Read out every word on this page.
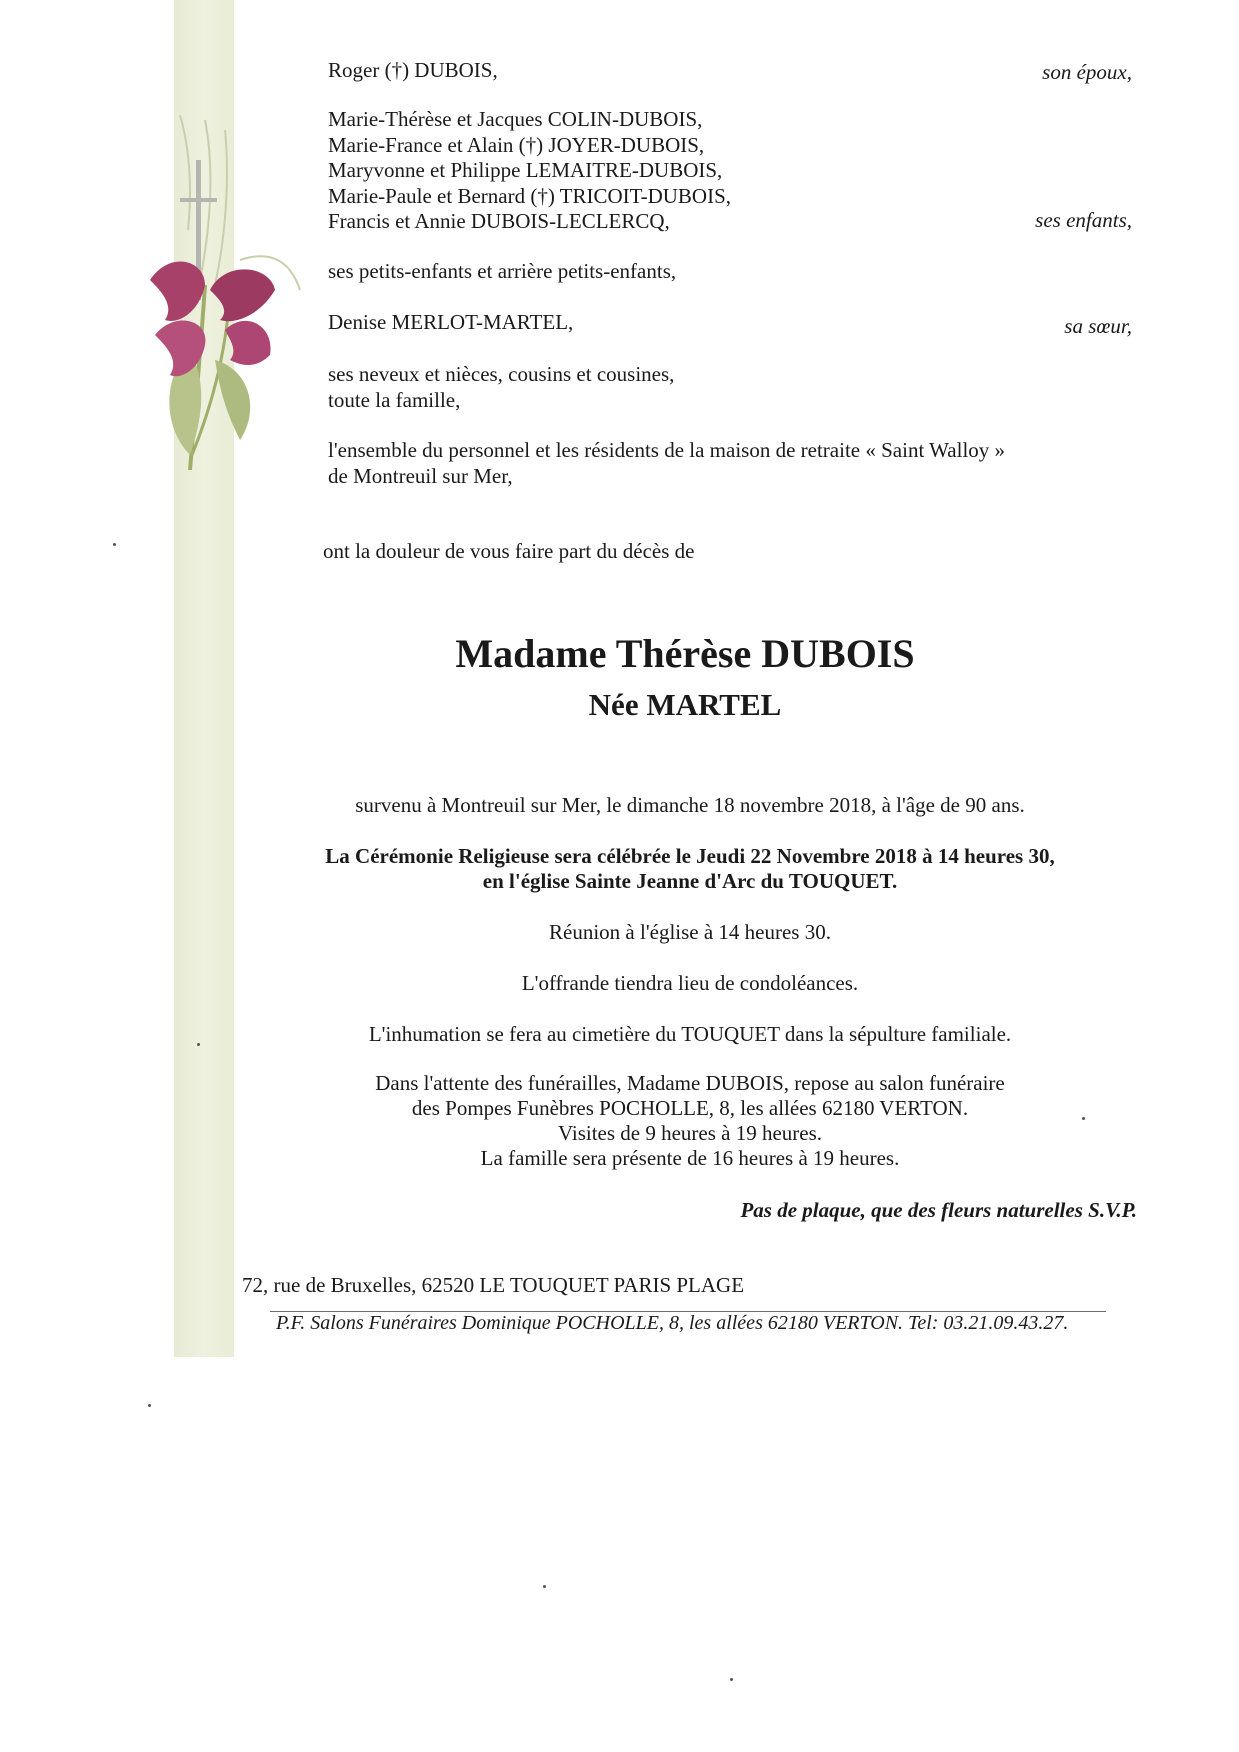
Roger (†) DUBOIS,	son époux,
Marie-Thérèse et Jacques COLIN-DUBOIS,
Marie-France et Alain (†) JOYER-DUBOIS,
Maryvonne et Philippe LEMAITRE-DUBOIS,
Marie-Paule et Bernard (†) TRICOIT-DUBOIS,
Francis et Annie DUBOIS-LECLERCQ,	ses enfants,

ses petits-enfants et arrière petits-enfants,

Denise MERLOT-MARTEL,	sa sœur,
ses neveux et nièces, cousins et cousines,
toute la famille,
l'ensemble du personnel et les résidents de la maison de retraite « Saint Walloy »
de Montreuil sur Mer,

ont la douleur de vous faire part du décès de

Madame Thérèse DUBOIS

Née MARTEL

survenu à Montreuil sur Mer, le dimanche 18 novembre 2018, à l'âge de 90 ans.

La Cérémonie Religieuse sera célébrée le Jeudi 22 Novembre 2018 à 14 heures 30,
en l'église Sainte Jeanne d'Arc du TOUQUET.

Réunion à l'église à 14 heures 30.

L'offrande tiendra lieu de condoléances.

L'inhumation se fera au cimetière du TOUQUET dans la sépulture familiale.

Dans l'attente des funérailles, Madame DUBOIS, repose au salon funéraire
des Pompes Funèbres POCHOLLE, 8, les allées 62180 VERTON.
Visites de 9 heures à 19 heures.
La famille sera présente de 16 heures à 19 heures.
Pas de plaque, que des fleurs naturelles S.V.P.

72, rue de Bruxelles, 62520 LE TOUQUET PARIS PLAGE

P.F. Salons Funéraires Dominique POCHOLLE, 8, les allées 62180 VERTON. Tel: 03.21.09.43.27.
